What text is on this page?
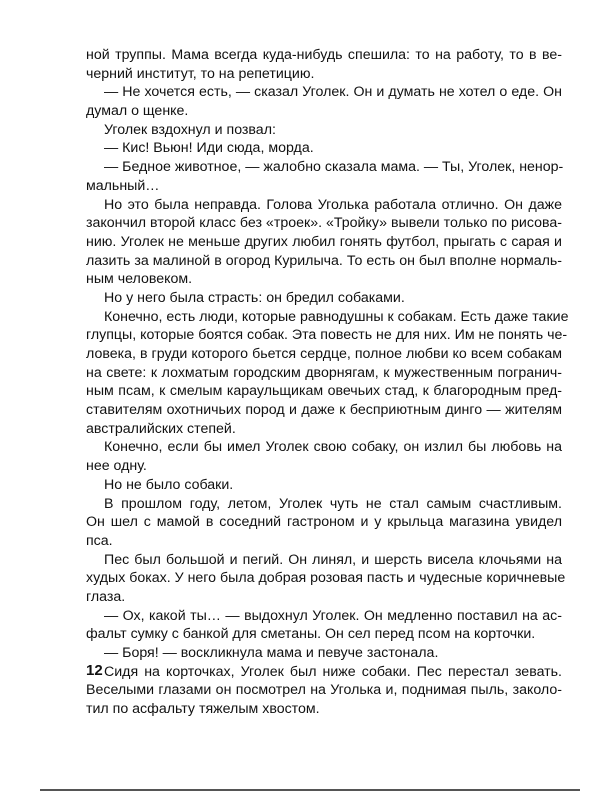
ной труппы. Мама всегда куда-нибудь спешила: то на работу, то в ве-
черний институт, то на репетицию.
— Не хочется есть, — сказал Уголек. Он и думать не хотел о еде. Он
думал о щенке.
Уголек вздохнул и позвал:
— Кис! Вьюн! Иди сюда, морда.
— Бедное животное, — жалобно сказала мама. — Ты, Уголек, ненор-
мальный…
Но это была неправда. Голова Уголька работала отлично. Он даже
закончил второй класс без «троек». «Тройку» вывели только по рисова-
нию. Уголек не меньше других любил гонять футбол, прыгать с сарая и
лазить за малиной в огород Курилыча. То есть он был вполне нормаль-
ным человеком.
Но у него была страсть: он бредил собаками.
Конечно, есть люди, которые равнодушны к собакам. Есть даже такие
глупцы, которые боятся собак. Эта повесть не для них. Им не понять че-
ловека, в груди которого бьется сердце, полное любви ко всем собакам
на свете: к лохматым городским дворнягам, к мужественным погранич-
ным псам, к смелым караульщикам овечьих стад, к благородным пред-
ставителям охотничьих пород и даже к бесприютным динго — жителям
австралийских степей.
Конечно, если бы имел Уголек свою собаку, он излил бы любовь на
нее одну.
Но не было собаки.
В прошлом году, летом, Уголек чуть не стал самым счастливым.
Он шел с мамой в соседний гастроном и у крыльца магазина увидел
пса.
Пес был большой и пегий. Он линял, и шерсть висела клочьями на
худых боках. У него была добрая розовая пасть и чудесные коричневые
глаза.
— Ох, какой ты… — выдохнул Уголек. Он медленно поставил на ас-
фальт сумку с банкой для сметаны. Он сел перед псом на корточки.
— Боря! — воскликнула мама и певуче застонала.
Сидя на корточках, Уголек был ниже собаки. Пес перестал зевать.
Веселыми глазами он посмотрел на Уголька и, поднимая пыль, заколо-
тил по асфальту тяжелым хвостом.
12
